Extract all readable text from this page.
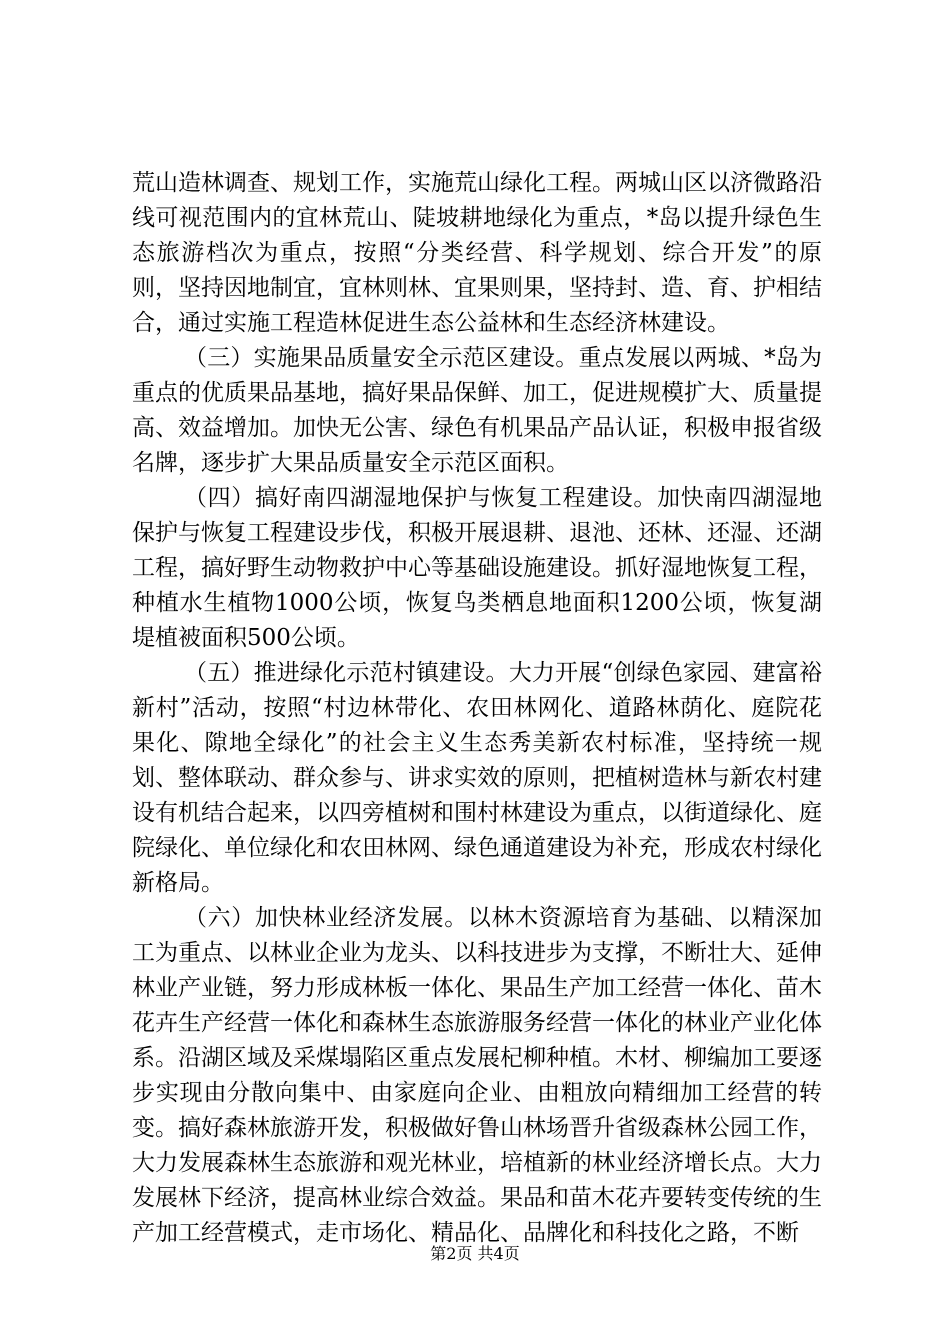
荒山造林调查、规划工作，实施荒山绿化工程。两城山区以济微路沿线可视范围内的宜林荒山、陡坡耕地绿化为重点，*岛以提升绿色生态旅游档次为重点，按照“分类经营、科学规划、综合开发”的原则，坚持因地制宜，宜林则林、宜果则果，坚持封、造、育、护相结合，通过实施工程造林促进生态公益林和生态经济林建设。

（三）实施果品质量安全示范区建设。重点发展以两城、*岛为重点的优质果品基地，搞好果品保鲜、加工，促进规模扩大、质量提高、效益增加。加快无公害、绿色有机果品产品认证，积极申报省级名牌，逐步扩大果品质量安全示范区面积。

（四）搞好南四湖湿地保护与恢复工程建设。加快南四湖湿地保护与恢复工程建设步伐，积极开展退耕、退池、还林、还湿、还湖工程，搞好野生动物救护中心等基础设施建设。抓好湿地恢复工程，种植水生植物1000公顷，恢复鸟类栖息地面积1200公顷，恢复湖堤植被面积500公顷。

（五）推进绿化示范村镇建设。大力开展“创绿色家园、建富裕新村”活动，按照“村边林带化、农田林网化、道路林荫化、庭院花果化、隙地全绿化”的社会主义生态秀美新农村标准，坚持统一规划、整体联动、群众参与、讲求实效的原则，把植树造林与新农村建设有机结合起来，以四旁植树和围村林建设为重点，以街道绿化、庭院绿化、单位绿化和农田林网、绿色通道建设为补充，形成农村绿化新格局。

（六）加快林业经济发展。以林木资源培育为基础、以精深加工为重点、以林业企业为龙头、以科技进步为支撑，不断壮大、延伸林业产业链，努力形成林板一体化、果品生产加工经营一体化、苗木花卉生产经营一体化和森林生态旅游服务经营一体化的林业产业化体系。沿湖区域及采煤塌陷区重点发展杞柳种植。木材、柳编加工要逐步实现由分散向集中、由家庭向企业、由粗放向精细加工经营的转变。搞好森林旅游开发，积极做好鲁山林场晋升省级森林公园工作，大力发展森林生态旅游和观光林业，培植新的林业经济增长点。大力发展林下经济，提高林业综合效益。果品和苗木花卉要转变传统的生产加工经营模式，走市场化、精品化、品牌化和科技化之路，不断

第2页 共4页
